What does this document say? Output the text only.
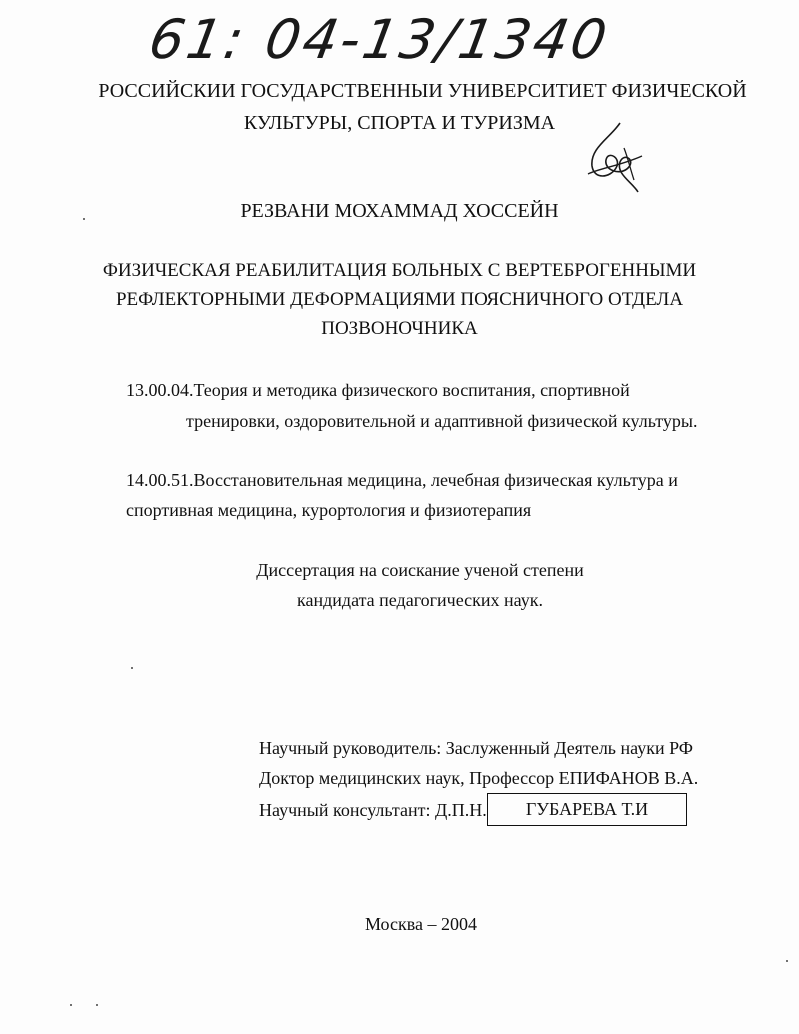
61: 04-13/1340
РОССИЙСКИИ ГОСУДАРСТВЕННЫИ УНИВЕРСИТИЕТ ФИЗИЧЕСКОЙ
КУЛЬТУРЫ, СПОРТА И ТУРИЗМА
РЕЗВАНИ МОХАММАД ХОССЕЙН
ФИЗИЧЕСКАЯ РЕАБИЛИТАЦИЯ БОЛЬНЫХ С ВЕРТЕБРОГЕННЫМИ
РЕФЛЕКТОРНЫМИ ДЕФОРМАЦИЯМИ ПОЯСНИЧНОГО ОТДЕЛА
ПОЗВОНОЧНИКА
13.00.04.Теория и методика физического воспитания, спортивной
тренировки, оздоровительной и адаптивной физической культуры.
14.00.51.Восстановительная медицина, лечебная физическая культура и
спортивная медицина, курортология и физиотерапия
Диссертация на соискание ученой степени
кандидата педагогических наук.
Научный руководитель: Заслуженный Деятель науки РФ
Доктор медицинских наук, Профессор ЕПИФАНОВ В.А.
Научный консультант: Д.П.Н.	ГУБАРЕВА Т.И
Москва – 2004
